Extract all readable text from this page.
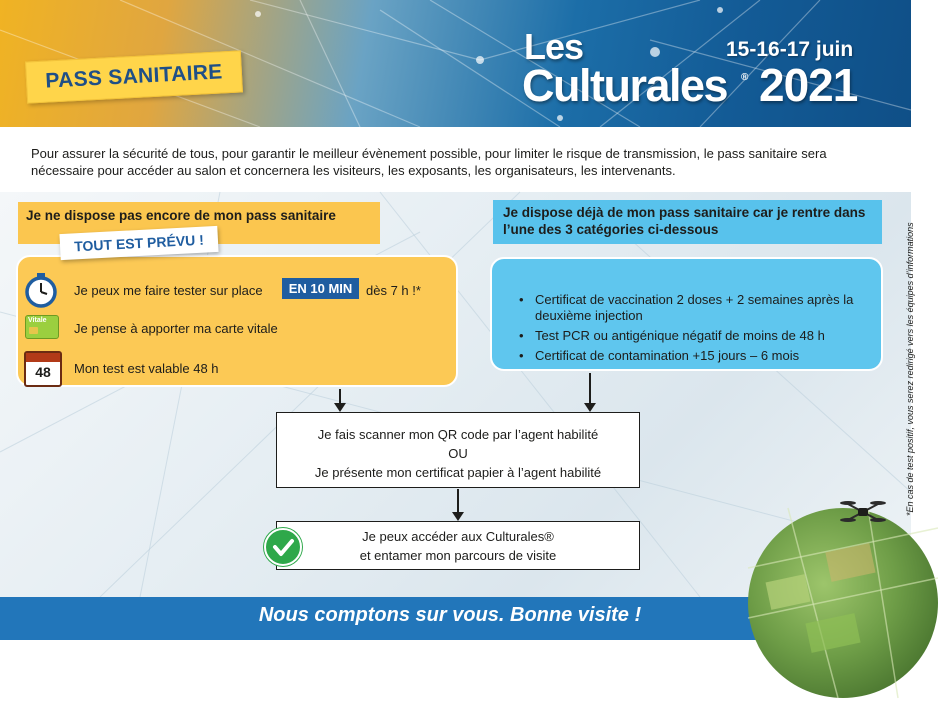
PASS SANITAIRE
Les
Culturales ® 2021
15-16-17 juin
Pour assurer la sécurité de tous, pour garantir le meilleur évènement possible, pour limiter le risque de transmission, le pass sanitaire sera nécessaire pour accéder au salon et concernera les visiteurs, les exposants, les organisateurs, les intervenants.
Je ne dispose pas encore de mon pass sanitaire
TOUT EST PRÉVU !
Je peux me faire tester sur place	EN 10 MIN	dès 7 h !*
Vitale
Je pense à apporter ma carte vitale
48	Mon test est valable 48 h
Je dispose déjà de mon pass sanitaire car je rentre dans l’une des 3 catégories ci-dessous
• Certificat de vaccination 2 doses + 2 semaines après la deuxième injection
• Test PCR ou antigénique négatif de moins de 48 h
• Certificat de contamination +15 jours – 6 mois
Je fais scanner mon QR code par l’agent habilité
OU
Je présente mon certificat papier à l’agent habilité
Je peux accéder aux Culturales®
et entamer mon parcours de visite
*En cas de test positif, vous serez redirigé vers les équipes d’informations
Nous comptons sur vous. Bonne visite !
